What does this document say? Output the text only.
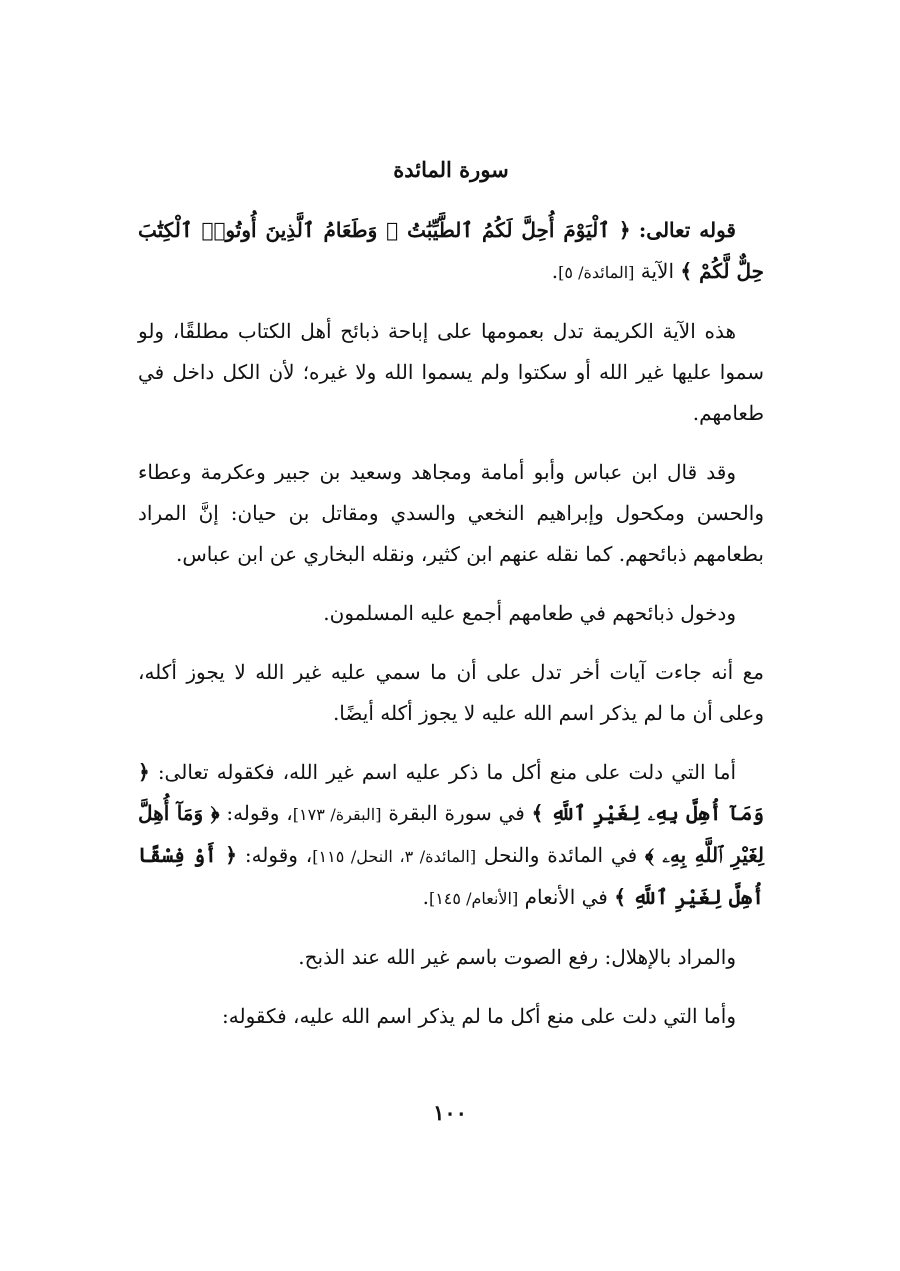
سورة المائدة

قوله تعالى: ﴿ ٱلْيَوْمَ أُحِلَّ لَكُمُ ٱلطَّيِّبَٰتُ ۖ وَطَعَامُ ٱلَّذِينَ أُوتُوا۟ ٱلْكِتَٰبَ حِلٌّ لَّكُمْ ﴾ الآية [المائدة/ ٥].

هذه الآية الكريمة تدل بعمومها على إباحة ذبائح أهل الكتاب مطلقًا، ولو سموا عليها غير الله أو سكتوا ولم يسموا الله ولا غيره؛ لأن الكل داخل في طعامهم.

وقد قال ابن عباس وأبو أمامة ومجاهد وسعيد بن جبير وعكرمة وعطاء والحسن ومكحول وإبراهيم النخعي والسدي ومقاتل بن حيان: إنَّ المراد بطعامهم ذبائحهم. كما نقله عنهم ابن كثير، ونقله البخاري عن ابن عباس.

ودخول ذبائحهم في طعامهم أجمع عليه المسلمون.

مع أنه جاءت آيات أخر تدل على أن ما سمي عليه غير الله لا يجوز أكله، وعلى أن ما لم يذكر اسم الله عليه لا يجوز أكله أيضًا.

أما التي دلت على منع أكل ما ذكر عليه اسم غير الله، فكقوله تعالى: ﴿ وَمَآ أُهِلَّ بِهِۦ لِغَيْرِ ٱللَّهِ ﴾ في سورة البقرة [البقرة/ ١٧٣]، وقوله: ﴿ وَمَآ أُهِلَّ لِغَيْرِ ٱللَّهِ بِهِۦ ﴾ في المائدة والنحل [المائدة/ ٣، النحل/ ١١٥]، وقوله: ﴿ أَوْ فِسْقًا أُهِلَّ لِغَيْرِ ٱللَّهِ ﴾ في الأنعام [الأنعام/ ١٤٥].

والمراد بالإهلال: رفع الصوت باسم غير الله عند الذبح.

وأما التي دلت على منع أكل ما لم يذكر اسم الله عليه، فكقوله:

١٠٠
